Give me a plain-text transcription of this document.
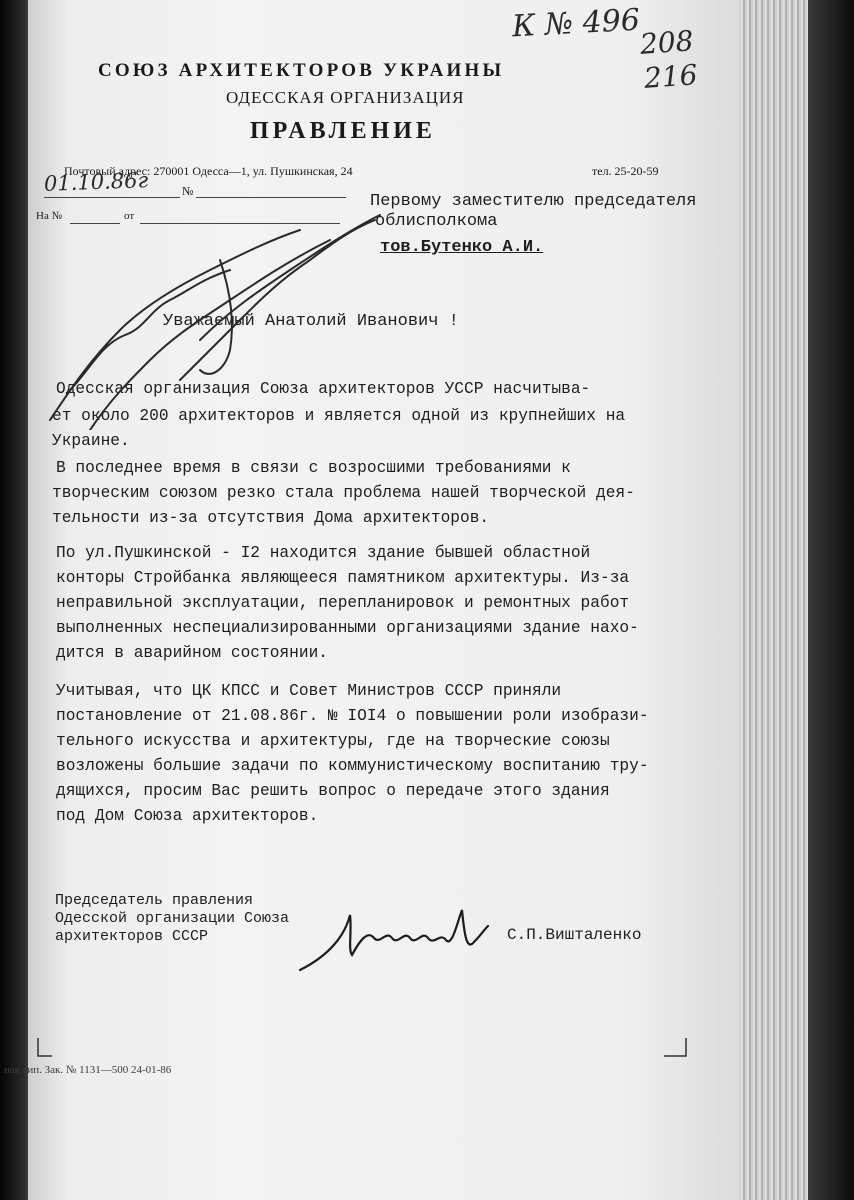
СОЮЗ АРХИТЕКТОРОВ УКРАИНЫ
ОДЕССКАЯ ОРГАНИЗАЦИЯ
ПРАВЛЕНИЕ
Почтовый адрес: 270001 Одесса—1, ул. Пушкинская, 24	тел. 25-20-59
№
На №	от
Первому заместителю председателя
облисполкома
тов.Бутенко А.И.
Уважаемый Анатолий Иванович !
Одесская организация Союза архитекторов УССР насчитыва-
ет около 200 архитекторов и является одной из крупнейших на
Украине.
В последнее время в связи с возросшими требованиями к
творческим союзом резко стала проблема нашей творческой дея-
тельности из-за отсутствия Дома архитекторов.
По ул.Пушкинской - I2 находится здание бывшей областной
конторы Стройбанка являющееся памятником архитектуры. Из-за
неправильной эксплуатации, перепланировок и ремонтных работ
выполненных неспециализированными организациями здание нахо-
дится в аварийном состоянии.
Учитывая, что ЦК КПСС и Совет Министров СССР приняли
постановление от 21.08.86г. № IOI4 о повышении роли изобрази-
тельного искусства и архитектуры, где на творческие союзы
возложены большие задачи по коммунистическому воспитанию тру-
дящихся, просим Вас решить вопрос о передаче этого здания
под Дом Союза архитекторов.
Председатель правления
Одесской организации Союза
архитекторов СССР	С.П.Вишталенко
ная тип. Зак. № 1131—500 24-01-86
К № 496
208
216
01.10.86г
